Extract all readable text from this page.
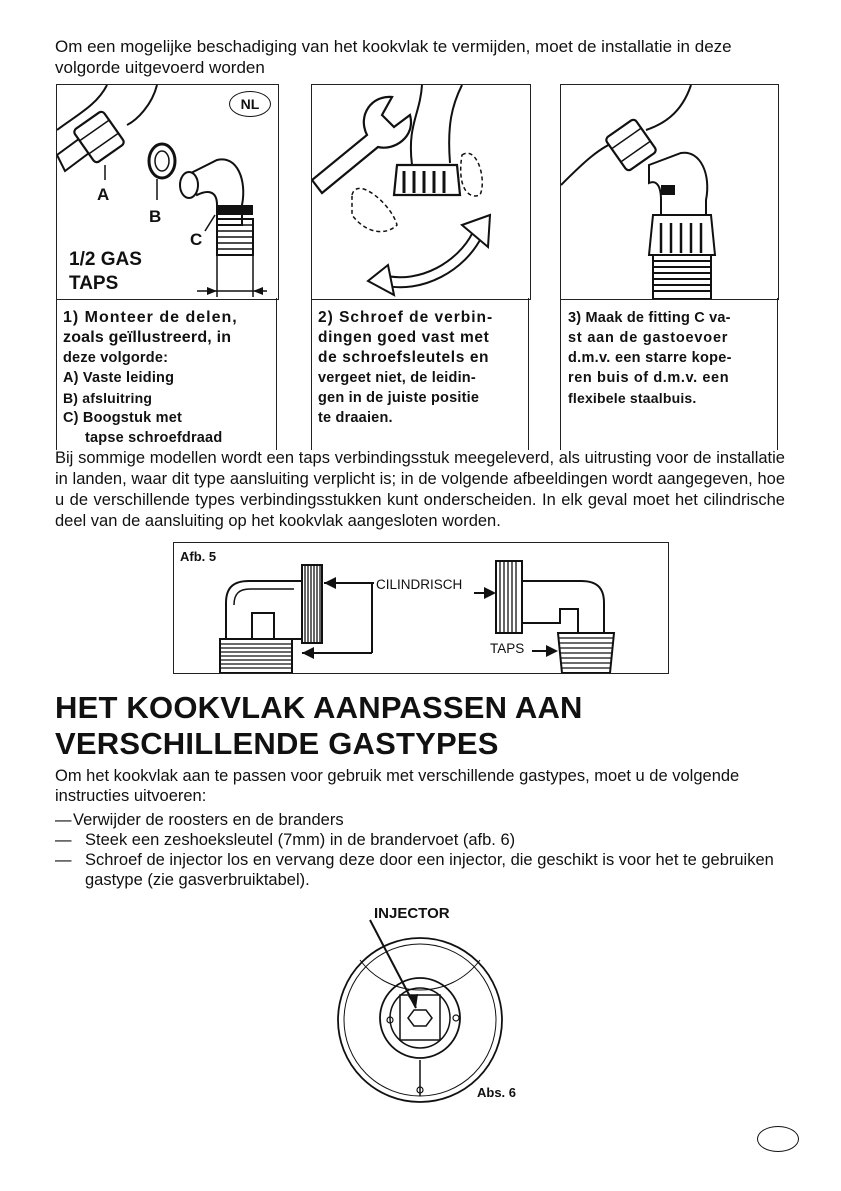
Om een mogelijke beschadiging van het kookvlak te vermijden, moet de installatie in deze volgorde uitgevoerd worden
NL
A
B
C
1/2 GAS
TAPS
1) Monteer de delen,
zoals geïllustreerd, in
deze volgorde:
A) Vaste leiding
B) afsluitring
C) Boogstuk met
tapse schroefdraad
2) Schroef de verbin-
dingen goed vast met
de schroefsleutels en
vergeet niet, de leidin-
gen in de juiste positie
te draaien.
3) Maak de fitting C va-
st aan de gastoevoer
d.m.v. een starre kope-
ren buis of d.m.v. een
flexibele staalbuis.
Bij sommige modellen wordt een taps verbindingsstuk meegeleverd, als uitrusting voor de installatie in landen, waar dit type aansluiting verplicht is; in de volgende afbeeldingen wordt aangegeven, hoe u de verschillende types verbindingsstukken kunt onderscheiden. In elk geval moet het cilindrische deel van de aansluiting op het kookvlak aangesloten worden.
Afb. 5
CILINDRISCH
TAPS
HET KOOKVLAK AANPASSEN AAN VERSCHILLENDE GASTYPES
Om het kookvlak aan te passen voor gebruik met verschillende gastypes, moet u de volgende instructies uitvoeren:
— Verwijder de roosters en de branders
— Steek een zeshoeksleutel (7mm) in de brandervoet (afb. 6)
— Schroef de injector los en vervang deze door een injector, die geschikt is voor het te gebruiken gastype (zie gasverbruiktabel).
INJECTOR
Abs. 6
